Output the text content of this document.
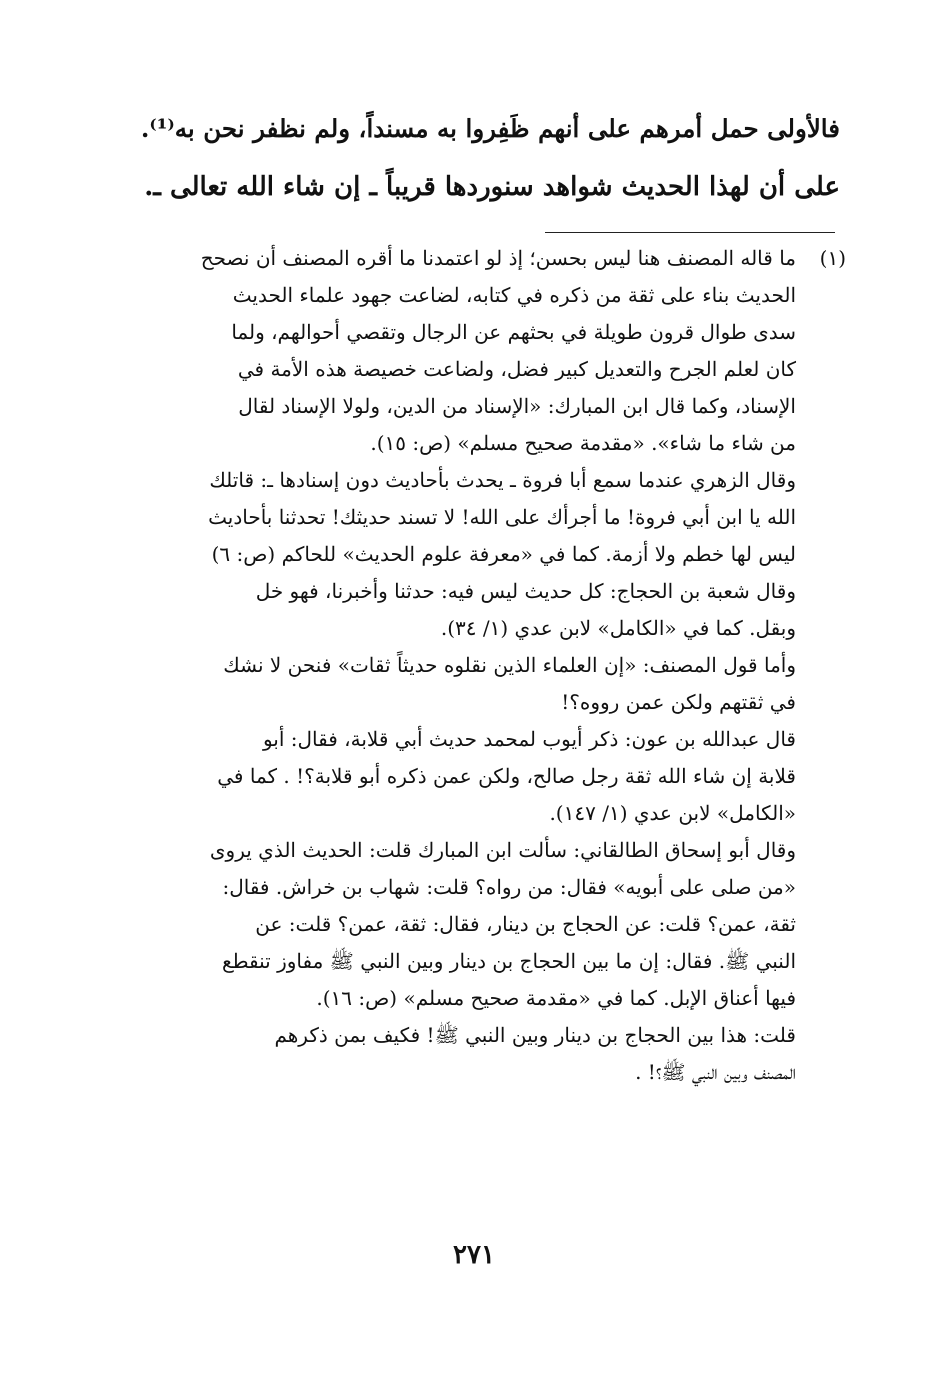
فالأولى حمل أمرهم على أنهم ظَفِروا به مسنداً، ولم نظفر نحن به⁽¹⁾.

على أن لهذا الحديث شواهد سنوردها قريباً ـ إن شاء الله تعالى ـ.

(١)
ما قاله المصنف هنا ليس بحسن؛ إذ لو اعتمدنا ما أقره المصنف أن نصحح
الحديث بناء على ثقة من ذكره في كتابه، لضاعت جهود علماء الحديث
سدى طوال قرون طويلة في بحثهم عن الرجال وتقصي أحوالهم، ولما
كان لعلم الجرح والتعديل كبير فضل، ولضاعت خصيصة هذه الأمة في
الإسناد، وكما قال ابن المبارك: «الإسناد من الدين، ولولا الإسناد لقال
من شاء ما شاء». «مقدمة صحيح مسلم» (ص: ١٥).
وقال الزهري عندما سمع أبا فروة ـ يحدث بأحاديث دون إسنادها ـ: قاتلك
الله يا ابن أبي فروة! ما أجرأك على الله! لا تسند حديثك! تحدثنا بأحاديث
ليس لها خطم ولا أزمة. كما في «معرفة علوم الحديث» للحاكم (ص: ٦)
وقال شعبة بن الحجاج: كل حديث ليس فيه: حدثنا وأخبرنا، فهو خل
وبقل. كما في «الكامل» لابن عدي (١/ ٣٤).
وأما قول المصنف: «إن العلماء الذين نقلوه حديثاً ثقات» فنحن لا نشك
في ثقتهم ولكن عمن رووه؟!
قال عبدالله بن عون: ذكر أيوب لمحمد حديث أبي قلابة، فقال: أبو
قلابة إن شاء الله ثقة رجل صالح، ولكن عمن ذكره أبو قلابة؟! . كما في
«الكامل» لابن عدي (١/ ١٤٧).
وقال أبو إسحاق الطالقاني: سألت ابن المبارك قلت: الحديث الذي يروى
«من صلى على أبويه» فقال: من رواه؟ قلت: شهاب بن خراش. فقال:
ثقة، عمن؟ قلت: عن الحجاج بن دينار، فقال: ثقة، عمن؟ قلت: عن
النبي ﷺ. فقال: إن ما بين الحجاج بن دينار وبين النبي ﷺ مفاوز تنقطع
فيها أعناق الإبل. كما في «مقدمة صحيح مسلم» (ص: ١٦).
قلت: هذا بين الحجاج بن دينار وبين النبي ﷺ! فكيف بمن ذكرهم
المصنف وبين النبي ﷺ؟! .
٢٧١
